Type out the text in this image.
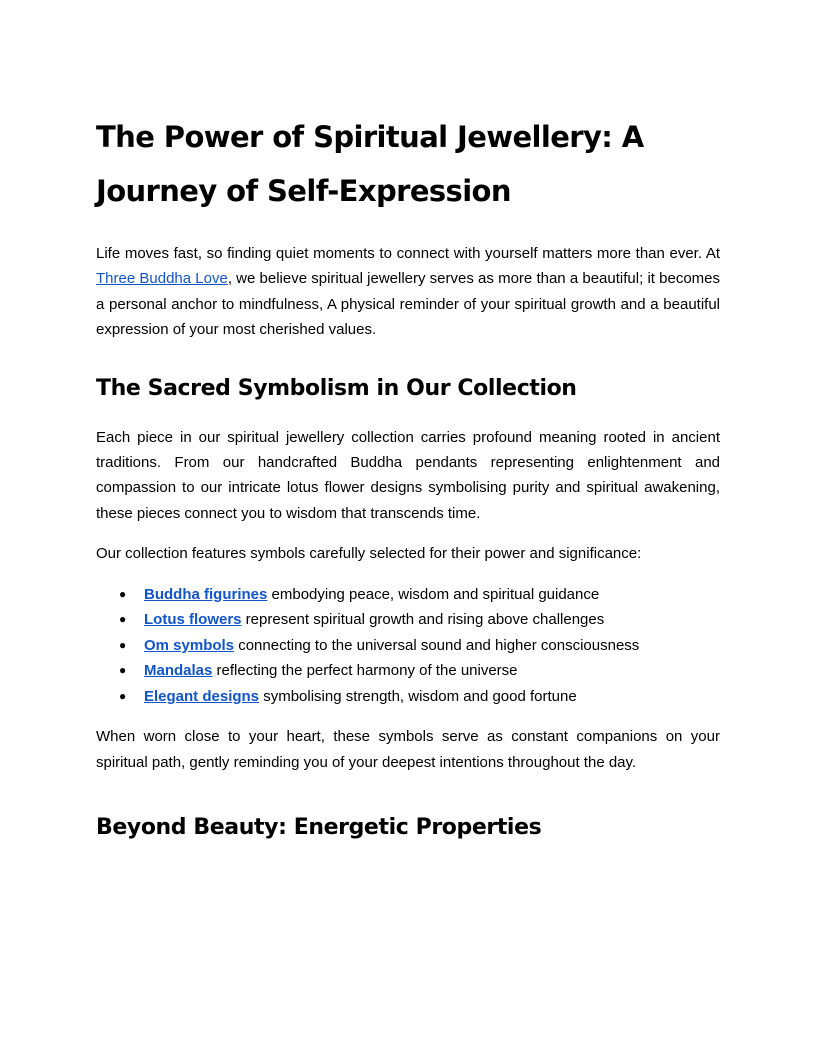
The Power of Spiritual Jewellery: A Journey of Self-Expression

Life moves fast, so finding quiet moments to connect with yourself matters more than ever. At Three Buddha Love, we believe spiritual jewellery serves as more than a beautiful; it becomes a personal anchor to mindfulness, A physical reminder of your spiritual growth and a beautiful expression of your most cherished values.

The Sacred Symbolism in Our Collection

Each piece in our spiritual jewellery collection carries profound meaning rooted in ancient traditions. From our handcrafted Buddha pendants representing enlightenment and compassion to our intricate lotus flower designs symbolising purity and spiritual awakening, these pieces connect you to wisdom that transcends time.

Our collection features symbols carefully selected for their power and significance:

● Buddha figurines embodying peace, wisdom and spiritual guidance
● Lotus flowers represent spiritual growth and rising above challenges
● Om symbols connecting to the universal sound and higher consciousness
● Mandalas reflecting the perfect harmony of the universe
● Elegant designs symbolising strength, wisdom and good fortune

When worn close to your heart, these symbols serve as constant companions on your spiritual path, gently reminding you of your deepest intentions throughout the day.

Beyond Beauty: Energetic Properties
